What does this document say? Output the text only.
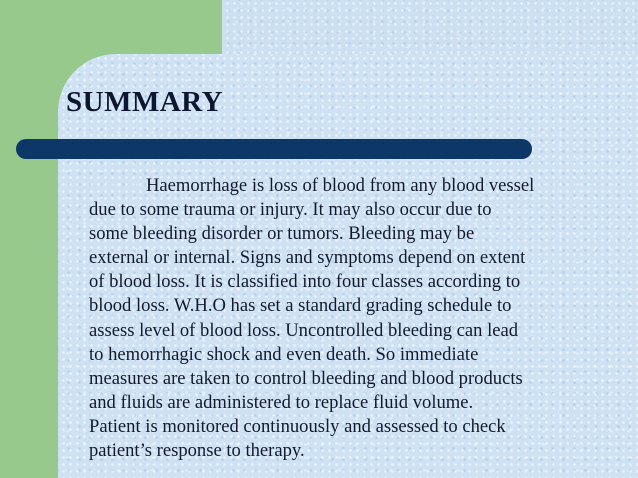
SUMMARY
Haemorrhage is loss of blood from any blood vessel
due to some trauma or injury. It may also occur due to
some bleeding disorder or tumors. Bleeding may be
external or internal. Signs and symptoms depend on extent
of blood loss. It is classified into four classes according to
blood loss. W.H.O has set a standard grading schedule to
assess level of blood loss. Uncontrolled bleeding can lead
to hemorrhagic shock and even death. So immediate
measures are taken to control bleeding and blood products
and fluids are administered to replace fluid volume.
Patient is monitored continuously and assessed to check
patient’s response to therapy.
